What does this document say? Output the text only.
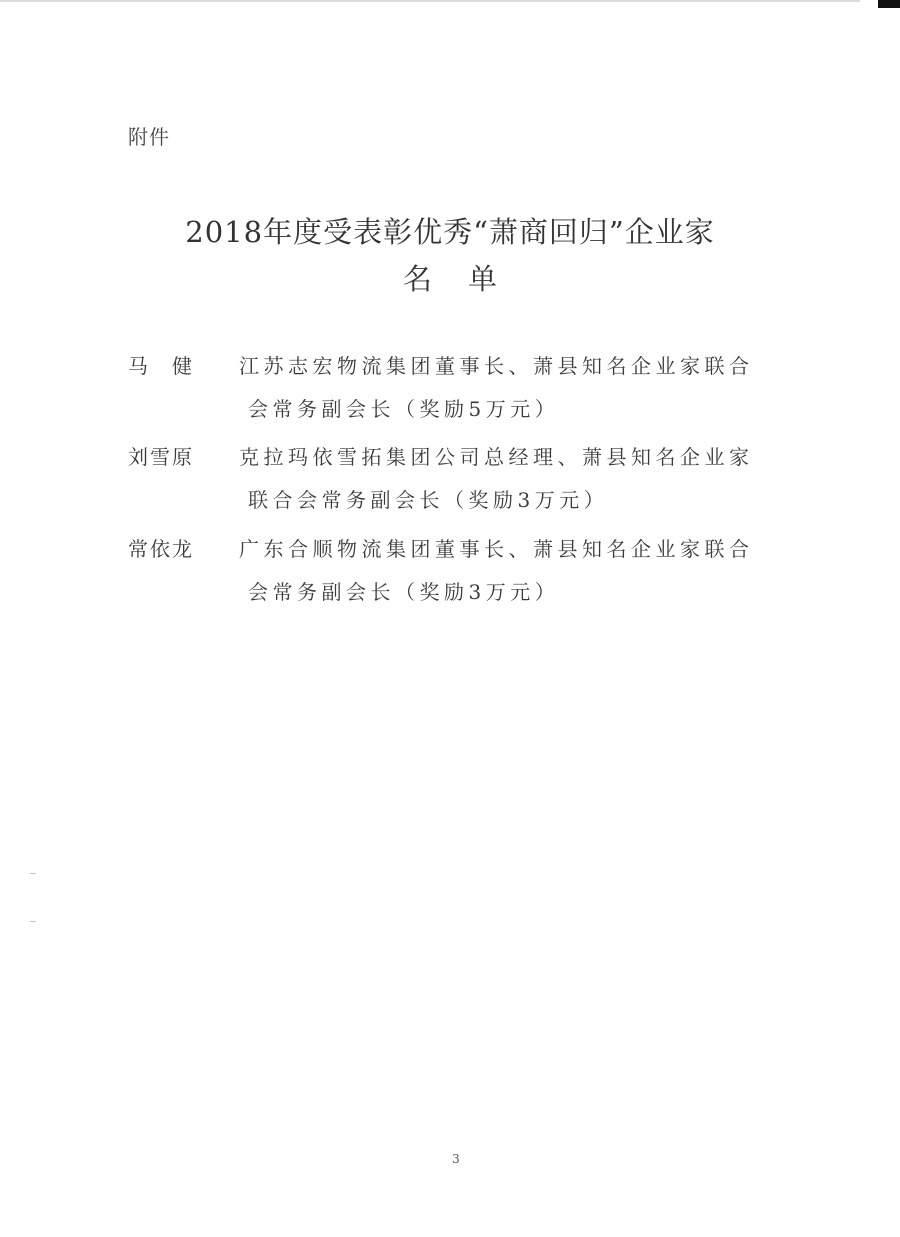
附件
2018年度受表彰优秀“萧商回归”企业家
名单
马健	江苏志宏物流集团董事长、萧县知名企业家联合
会常务副会长（奖励5万元）
刘雪原	克拉玛依雪拓集团公司总经理、萧县知名企业家
联合会常务副会长（奖励3万元）
常依龙	广东合顺物流集团董事长、萧县知名企业家联合
会常务副会长（奖励3万元）
3
